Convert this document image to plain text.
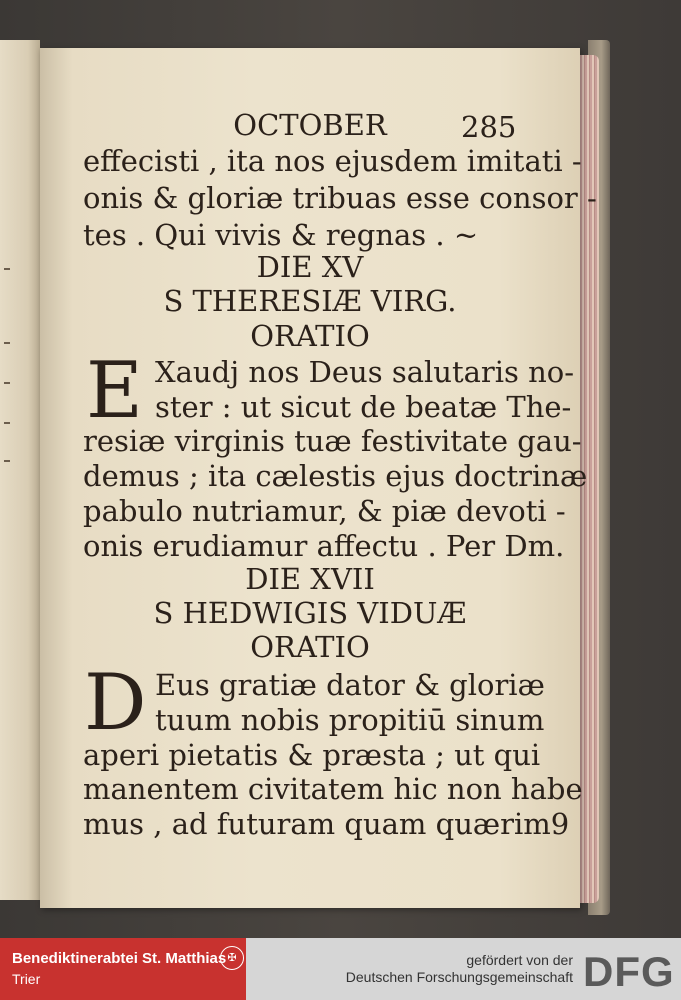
OCTOBER	285
effecisti , ita nos ejusdem imitati -
onis & gloriæ tribuas esse consor -
tes . Qui vivis & regnas . ~
DIE XV
S THERESIÆ VIRG.
ORATIO
E Xaudj nos Deus salutaris no-
ster : ut sicut de beatæ The-
resiæ virginis tuæ festivitate gau-
demus ; ita cælestis ejus doctrinæ
pabulo nutriamur, & piæ devoti -
onis erudiamur affectu . Per Dm.
DIE XVII
S HEDWIGIS VIDUÆ
ORATIO
D Eus gratiæ dator & gloriæ
tuum nobis propitiū sinum
aperi pietatis & præsta ; ut qui
manentem civitatem hic non habe
mus , ad futuram quam quærim9
Benediktinerabtei St. Matthias
Trier
✠	gefördert von der
Deutschen Forschungsgemeinschaft DFG
